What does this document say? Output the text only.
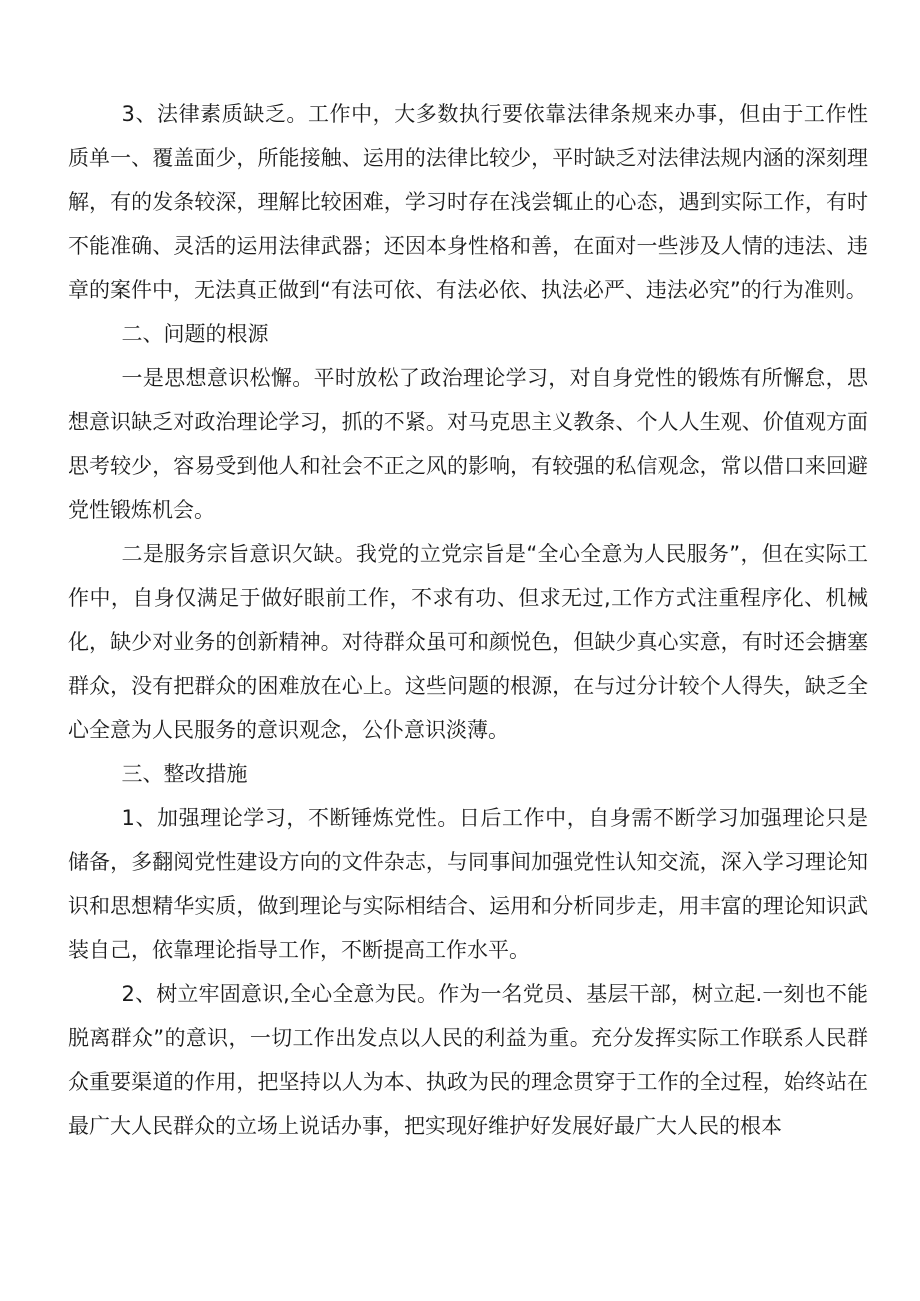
3、法律素质缺乏。工作中，大多数执行要依靠法律条规来办事，但由于工作性质单一、覆盖面少，所能接触、运用的法律比较少，平时缺乏对法律法规内涵的深刻理解，有的发条较深，理解比较困难，学习时存在浅尝辄止的心态，遇到实际工作，有时不能准确、灵活的运用法律武器；还因本身性格和善，在面对一些涉及人情的违法、违章的案件中，无法真正做到“有法可依、有法必依、执法必严、违法必究”的行为准则。

二、问题的根源

一是思想意识松懈。平时放松了政治理论学习，对自身党性的锻炼有所懈怠，思想意识缺乏对政治理论学习，抓的不紧。对马克思主义教条、个人人生观、价值观方面思考较少，容易受到他人和社会不正之风的影响，有较强的私信观念，常以借口来回避党性锻炼机会。

二是服务宗旨意识欠缺。我党的立党宗旨是“全心全意为人民服务”，但在实际工作中，自身仅满足于做好眼前工作，不求有功、但求无过,工作方式注重程序化、机械化，缺少对业务的创新精神。对待群众虽可和颜悦色，但缺少真心实意，有时还会搪塞群众，没有把群众的困难放在心上。这些问题的根源，在与过分计较个人得失，缺乏全心全意为人民服务的意识观念，公仆意识淡薄。

三、整改措施

1、加强理论学习，不断锤炼党性。日后工作中，自身需不断学习加强理论只是储备，多翻阅党性建设方向的文件杂志，与同事间加强党性认知交流，深入学习理论知识和思想精华实质，做到理论与实际相结合、运用和分析同步走，用丰富的理论知识武装自己，依靠理论指导工作，不断提高工作水平。

2、树立牢固意识,全心全意为民。作为一名党员、基层干部，树立起.一刻也不能脱离群众”的意识，一切工作出发点以人民的利益为重。充分发挥实际工作联系人民群众重要渠道的作用，把坚持以人为本、执政为民的理念贯穿于工作的全过程，始终站在最广大人民群众的立场上说话办事，把实现好维护好发展好最广大人民的根本
